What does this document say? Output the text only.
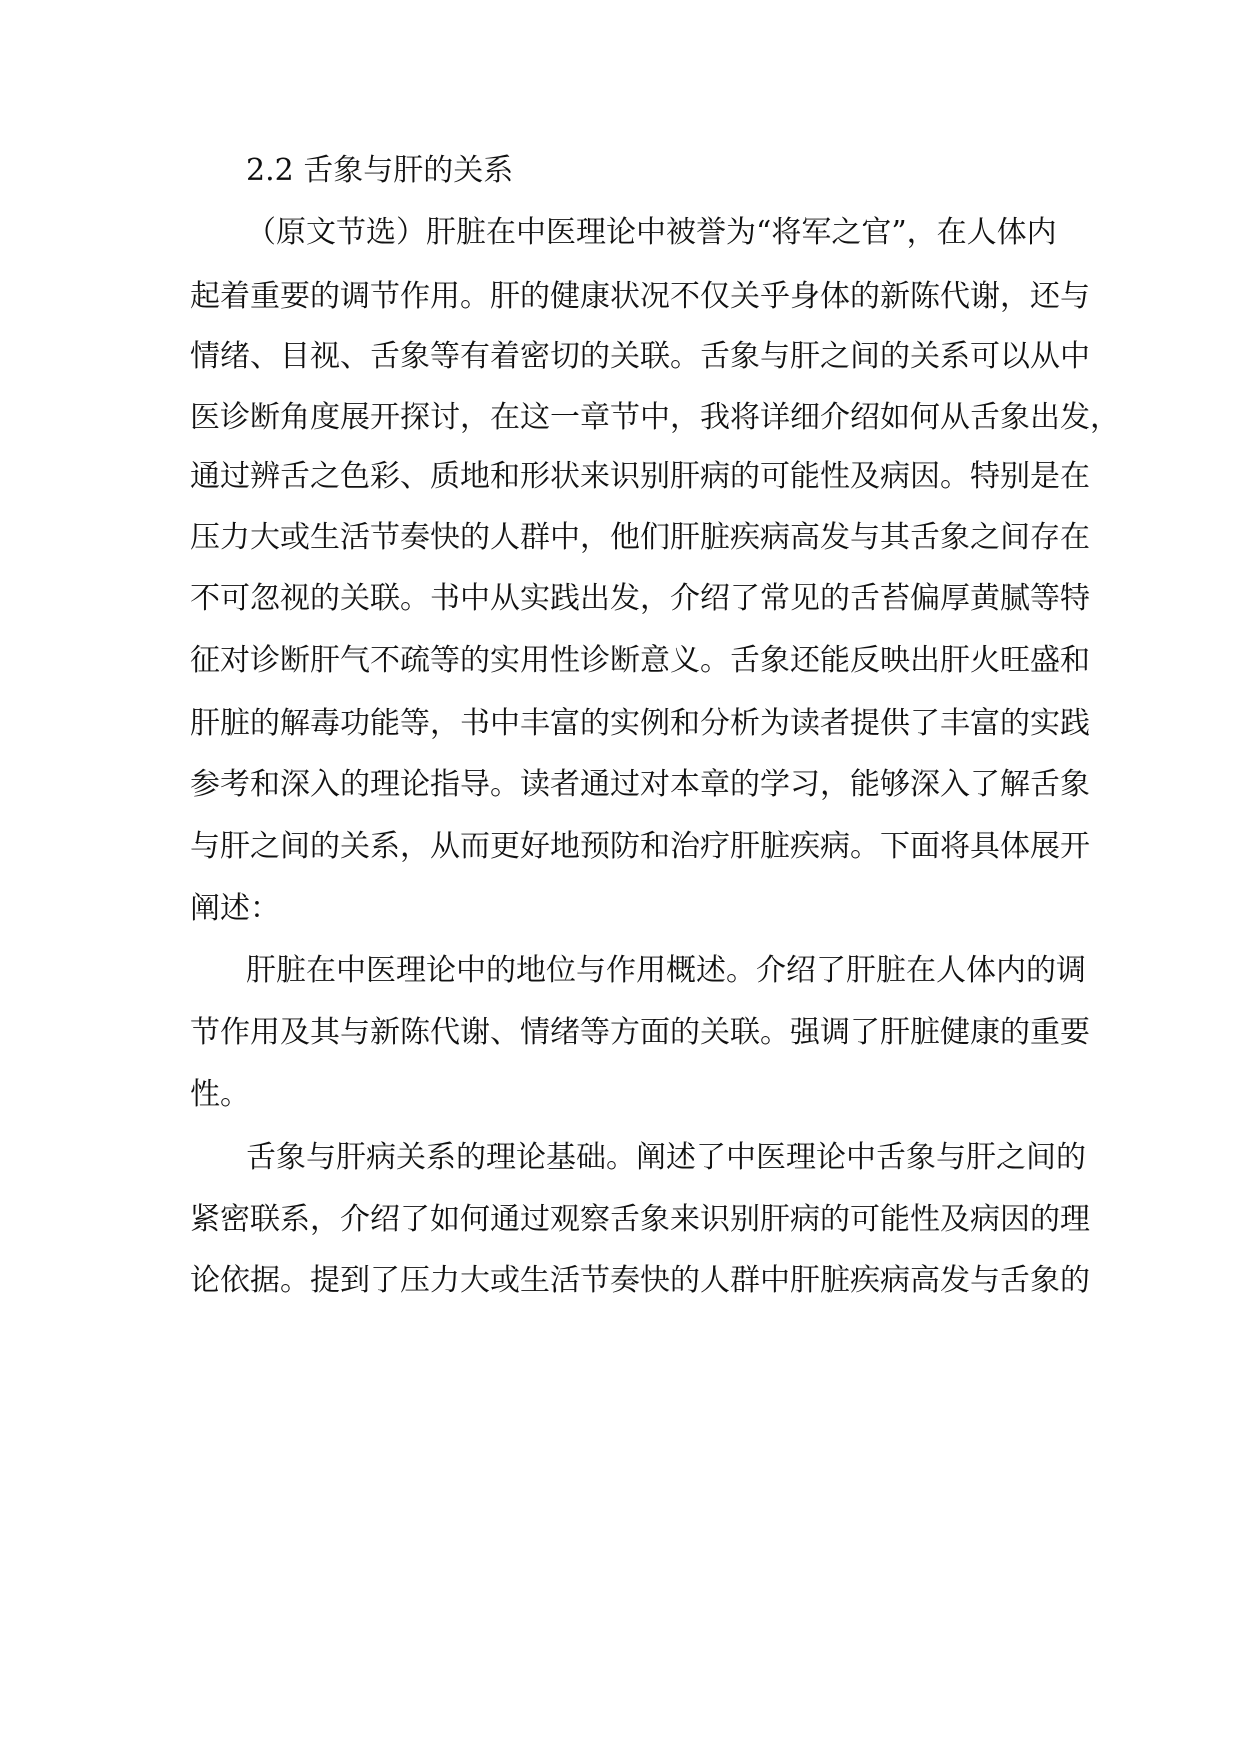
2.2 舌象与肝的关系

（原文节选）肝脏在中医理论中被誉为“将军之官”，在人体内

起着重要的调节作用。肝的健康状况不仅关乎身体的新陈代谢，还与

情绪、目视、舌象等有着密切的关联。舌象与肝之间的关系可以从中

医诊断角度展开探讨，在这一章节中，我将详细介绍如何从舌象出发，

通过辨舌之色彩、质地和形状来识别肝病的可能性及病因。特别是在

压力大或生活节奏快的人群中，他们肝脏疾病高发与其舌象之间存在

不可忽视的关联。书中从实践出发，介绍了常见的舌苔偏厚黄腻等特

征对诊断肝气不疏等的实用性诊断意义。舌象还能反映出肝火旺盛和

肝脏的解毒功能等，书中丰富的实例和分析为读者提供了丰富的实践

参考和深入的理论指导。读者通过对本章的学习，能够深入了解舌象

与肝之间的关系，从而更好地预防和治疗肝脏疾病。下面将具体展开

阐述：

肝脏在中医理论中的地位与作用概述。介绍了肝脏在人体内的调

节作用及其与新陈代谢、情绪等方面的关联。强调了肝脏健康的重要

性。

舌象与肝病关系的理论基础。阐述了中医理论中舌象与肝之间的

紧密联系，介绍了如何通过观察舌象来识别肝病的可能性及病因的理

论依据。提到了压力大或生活节奏快的人群中肝脏疾病高发与舌象的
